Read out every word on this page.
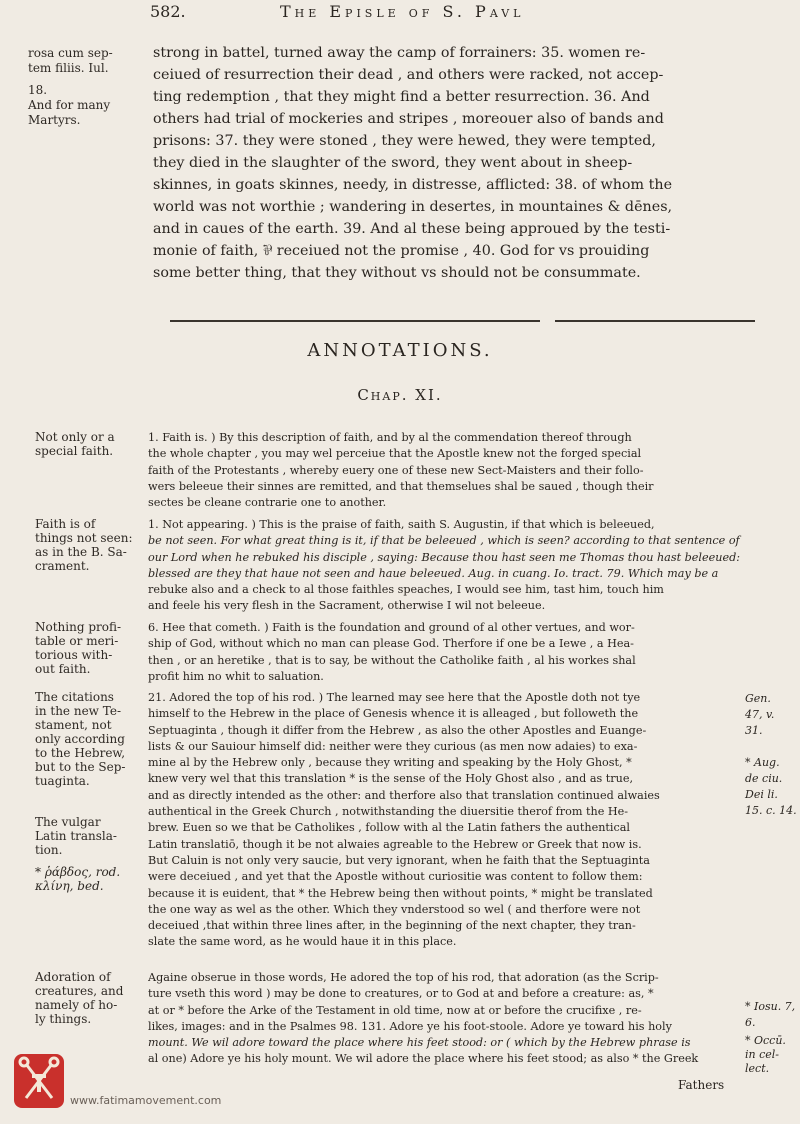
582.	The Episle of S. Pavl
rosa cum sep-
tem filiis. Iul.
18.
And for many
Martyrs.

strong in battel, turned away the camp of forrainers: 35. women re-
ceiued of resurrection their dead , and others were racked, not accep-
ting redemption , that they might find a better resurrection. 36. And
others had trial of mockeries and stripes , moreouer also of bands and
prisons: 37. they were stoned , they were hewed, they were tempted,
they died in the slaughter of the sword, they went about in sheep-
skinnes, in goats skinnes, needy, in distresse, afflicted: 38. of whom the
world was not worthie ; wandering in desertes, in mountaines & dēnes,
and in caues of the earth. 39. And al these being approued by the testi-
monie of faith, ⅌ receiued not the promise , 40. God for vs prouiding
some better thing, that they without vs should not be consummate.

ANNOTATIONS.
Chap. XI.
Not only or a
special faith.
Faith is of
things not seen:
as in the B. Sa-
crament.
Nothing profi-
table or meri-
torious with-
out faith.
The citations
in the new Te-
stament, not
only according
to the Hebrew,
but to the Sep-
tuaginta.
The vulgar
Latin transla-
tion.
* ῥάβδος, rod.
κλίνη, bed.
Adoration of
creatures, and
namely of ho-
ly things.

1. Faith is. ) By this description of faith, and by al the commendation thereof through
the whole chapter , you may wel perceiue that the Apostle knew not the forged special
faith of the Protestants , whereby euery one of these new Sect-Maisters and their follo-
wers beleeue their sinnes are remitted, and that themselues shal be saued , though their
sectes be cleane contrarie one to another.

1. Not appearing. ) This is the praise of faith, saith S. Augustin, if that which is beleeued,
be not seen. For what great thing is it, if that be beleeued , which is seen? according to that sentence of
our Lord when he rebuked his disciple , saying: Because thou hast seen me Thomas thou hast beleeued:
blessed are they that haue not seen and haue beleeued. Aug. in cuang. Io. tract. 79. Which may be a
rebuke also and a check to al those faithles speaches, I would see him, tast him, touch him
and feele his very flesh in the Sacrament, otherwise I wil not beleeue.

6. Hee that cometh. ) Faith is the foundation and ground of al other vertues, and wor-
ship of God, without which no man can please God. Therfore if one be a Iewe , a Hea-
then , or an heretike , that is to say, be without the Catholike faith , al his workes shal
profit him no whit to saluation.

21. Adored the top of his rod. ) The learned may see here that the Apostle doth not tye
himself to the Hebrew in the place of Genesis whence it is alleaged , but followeth the
Septuaginta , though it differ from the Hebrew , as also the other Apostles and Euange-
lists & our Sauiour himself did: neither were they curious (as men now adaies) to exa-
mine al by the Hebrew only , because they writing and speaking by the Holy Ghost, *
knew very wel that this translation * is the sense of the Holy Ghost also , and as true,
and as directly intended as the other: and therfore also that translation continued alwaies
authentical in the Greek Church , notwithstanding the diuersitie therof from the He-
brew. Euen so we that be Catholikes , follow with al the Latin fathers the authentical
Latin translatiō, though it be not alwaies agreable to the Hebrew or Greek that now is.
But Caluin is not only very saucie, but very ignorant, when he faith that the Septuaginta
were deceiued , and yet that the Apostle without curiositie was content to follow them:
because it is euident, that * the Hebrew being then without points, * might be translated
the one way as wel as the other. Which they vnderstood so wel ( and therfore were not
deceiued ,that within three lines after, in the beginning of the next chapter, they tran-
slate the same word, as he would haue it in this place.

Againe obserue in those words, He adored the top of his rod, that adoration (as the Scrip-
ture vseth this word ) may be done to creatures, or to God at and before a creature: as, *
at or * before the Arke of the Testament in old time, now at or before the crucifixe , re-
likes, images: and in the Psalmes 98. 131. Adore ye his foot-stoole. Adore ye toward his holy
mount. We wil adore toward the place where his feet stood: or ( which by the Hebrew phrase is
al one) Adore ye his holy mount. We wil adore the place where his feet stood; as also * the Greek

Gen.
47, v.
31.
* Aug.
de ciu.
Dei li.
15. c. 14.
* Iosu. 7,
6.
* Occū.
in cel-
lect.
Fathers
www.fatimamovement.com
